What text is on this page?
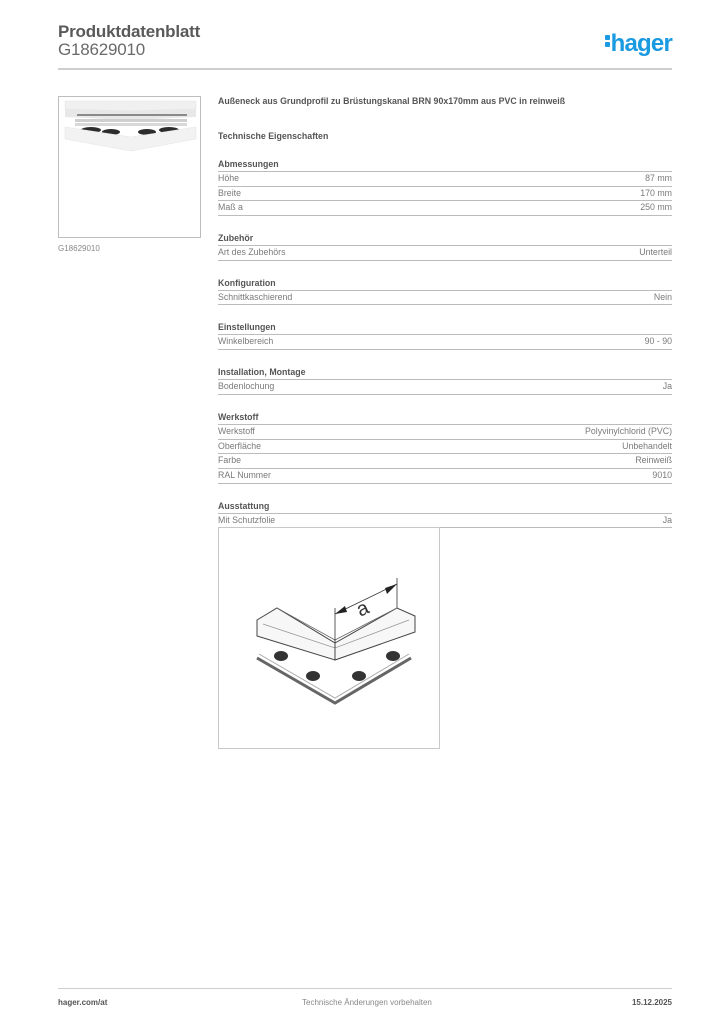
Produktdatenblatt
G18629010	hager
G18629010
Außeneck aus Grundprofil zu Brüstungskanal BRN 90x170mm aus PVC in reinweiß
Technische Eigenschaften
Abmessungen
Höhe	87 mm
Breite	170 mm
Maß a	250 mm
Zubehör
Art des Zubehörs	Unterteil
Konfiguration
Schnittkaschierend	Nein
Einstellungen
Winkelbereich	90 - 90
Installation, Montage
Bodenlochung	Ja
Werkstoff
Werkstoff	Polyvinylchlorid (PVC)
Oberfläche	Unbehandelt
Farbe	Reinweiß
RAL Nummer	9010
Ausstattung
Mit Schutzfolie	Ja
a
hager.com/at	Technische Änderungen vorbehalten	15.12.2025
